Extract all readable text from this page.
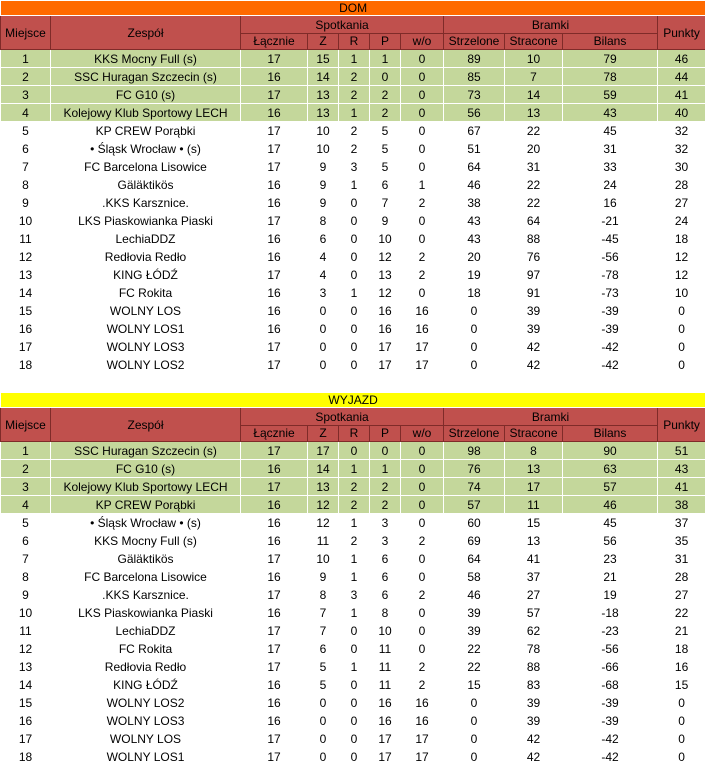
DOM										
Miejsce	Zespół	Spotkania					Bramki			Punkty
		Łącznie	Z	R	P	w/o	Strzelone	Stracone	Bilans	
1	KKS Mocny Full (s)	17	15	1	1	0	89	10	79	46
2	SSC Huragan Szczecin (s)	16	14	2	0	0	85	7	78	44
3	FC G10 (s)	17	13	2	2	0	73	14	59	41
4	Kolejowy Klub Sportowy LECH	16	13	1	2	0	56	13	43	40
5	KP CREW Porąbki	17	10	2	5	0	67	22	45	32
6	• Śląsk Wrocław • (s)	17	10	2	5	0	51	20	31	32
7	FC Barcelona Lisowice	17	9	3	5	0	64	31	33	30
8	Gäläktikös	16	9	1	6	1	46	22	24	28
9	.KKS Karsznice.	16	9	0	7	2	38	22	16	27
10	LKS Piaskowianka Piaski	17	8	0	9	0	43	64	-21	24
11	LechiaDDZ	16	6	0	10	0	43	88	-45	18
12	Redłovia Redło	16	4	0	12	2	20	76	-56	12
13	KING ŁÓDŹ	17	4	0	13	2	19	97	-78	12
14	FC Rokita	16	3	1	12	0	18	91	-73	10
15	WOLNY LOS	16	0	0	16	16	0	39	-39	0
16	WOLNY LOS1	16	0	0	16	16	0	39	-39	0
17	WOLNY LOS3	17	0	0	17	17	0	42	-42	0
18	WOLNY LOS2	17	0	0	17	17	0	42	-42	0
WYJAZD										
Miejsce	Zespół	Spotkania					Bramki			Punkty
		Łącznie	Z	R	P	w/o	Strzelone	Stracone	Bilans	
1	SSC Huragan Szczecin (s)	17	17	0	0	0	98	8	90	51
2	FC G10 (s)	16	14	1	1	0	76	13	63	43
3	Kolejowy Klub Sportowy LECH	17	13	2	2	0	74	17	57	41
4	KP CREW Porąbki	16	12	2	2	0	57	11	46	38
5	• Śląsk Wrocław • (s)	16	12	1	3	0	60	15	45	37
6	KKS Mocny Full (s)	16	11	2	3	2	69	13	56	35
7	Gäläktikös	17	10	1	6	0	64	41	23	31
8	FC Barcelona Lisowice	16	9	1	6	0	58	37	21	28
9	.KKS Karsznice.	17	8	3	6	2	46	27	19	27
10	LKS Piaskowianka Piaski	16	7	1	8	0	39	57	-18	22
11	LechiaDDZ	17	7	0	10	0	39	62	-23	21
12	FC Rokita	17	6	0	11	0	22	78	-56	18
13	Redłovia Redło	17	5	1	11	2	22	88	-66	16
14	KING ŁÓDŹ	16	5	0	11	2	15	83	-68	15
15	WOLNY LOS2	16	0	0	16	16	0	39	-39	0
16	WOLNY LOS3	16	0	0	16	16	0	39	-39	0
17	WOLNY LOS	17	0	0	17	17	0	42	-42	0
18	WOLNY LOS1	17	0	0	17	17	0	42	-42	0
